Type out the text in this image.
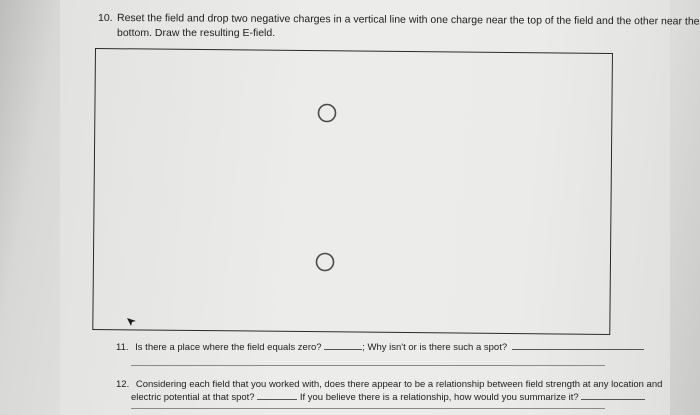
10. Reset the field and drop two negative charges in a vertical line with one charge near the top of the field and the other near the
bottom. Draw the resulting E-field.
11. Is there a place where the field equals zero?	; Why isn't or is there such a spot?
12. Considering each field that you worked with, does there appear to be a relationship between field strength at any location and
electric potential at that spot?	If you believe there is a relationship, how would you summarize it?
